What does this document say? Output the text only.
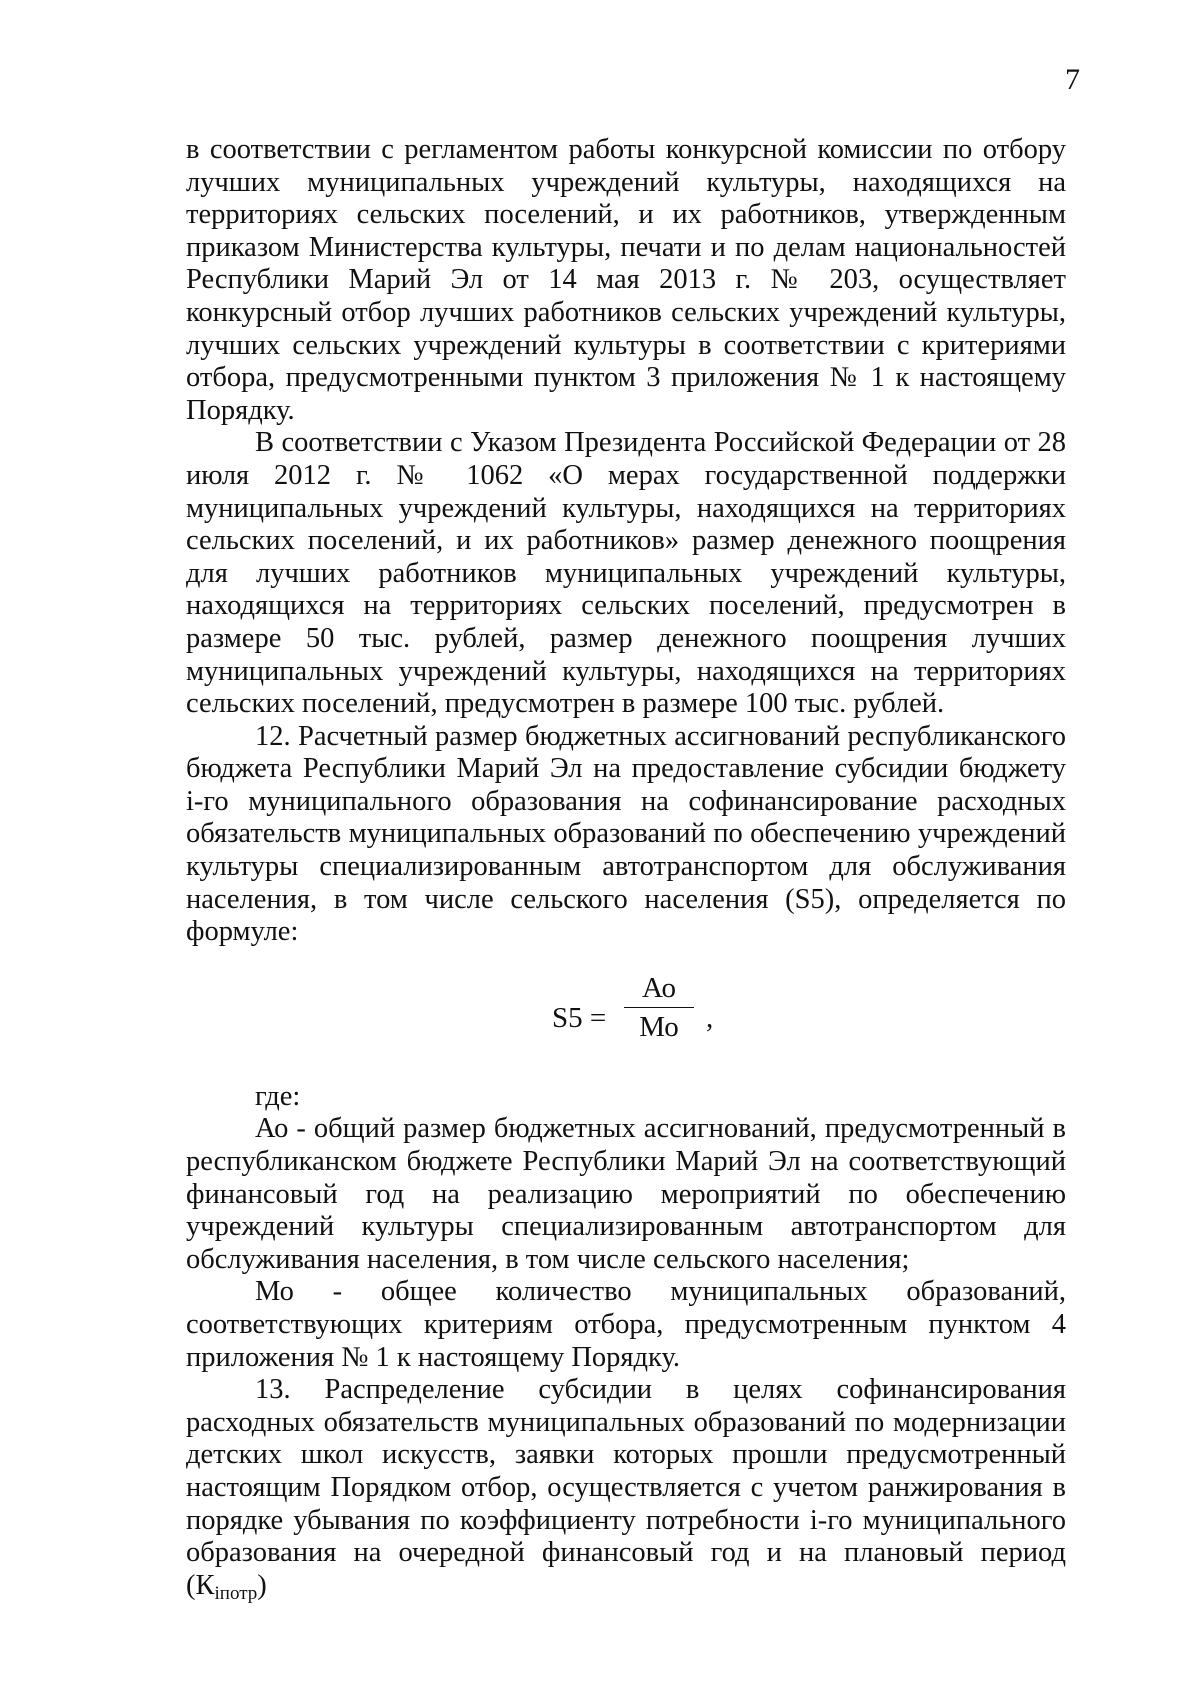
7

в соответствии с регламентом работы конкурсной комиссии по отбору лучших муниципальных учреждений культуры, находящихся на территориях сельских поселений, и их работников, утвержденным приказом Министерства культуры, печати и по делам национальностей Республики Марий Эл от 14 мая 2013 г. № 203, осуществляет конкурсный отбор лучших работников сельских учреждений культуры, лучших сельских учреждений культуры в соответствии с критериями отбора, предусмотренными пунктом 3 приложения № 1 к настоящему Порядку.

В соответствии с Указом Президента Российской Федерации от 28 июля 2012 г. № 1062 «О мерах государственной поддержки муниципальных учреждений культуры, находящихся на территориях сельских поселений, и их работников» размер денежного поощрения для лучших работников муниципальных учреждений культуры, находящихся на территориях сельских поселений, предусмотрен в размере 50 тыс. рублей, размер денежного поощрения лучших муниципальных учреждений культуры, находящихся на территориях сельских поселений, предусмотрен в размере 100 тыс. рублей.

12. Расчетный размер бюджетных ассигнований республиканского бюджета Республики Марий Эл на предоставление субсидии бюджету i-го муниципального образования на софинансирование расходных обязательств муниципальных образований по обеспечению учреждений культуры специализированным автотранспортом для обслуживания населения, в том числе сельского населения (S5), определяется по формуле:

S5 =
Ао
Мо ,

где:

Ао - общий размер бюджетных ассигнований, предусмотренный в республиканском бюджете Республики Марий Эл на соответствующий финансовый год на реализацию мероприятий по обеспечению учреждений культуры специализированным автотранспортом для обслуживания населения, в том числе сельского населения;

Мо - общее количество муниципальных образований, соответствующих критериям отбора, предусмотренным пунктом 4 приложения № 1 к настоящему Порядку.

13. Распределение субсидии в целях софинансирования расходных обязательств муниципальных образований по модернизации детских школ искусств, заявки которых прошли предусмотренный настоящим Порядком отбор, осуществляется с учетом ранжирования в порядке убывания по коэффициенту потребности i-го муниципального образования на очередной финансовый год и на плановый период $(К_{iпотр})$
